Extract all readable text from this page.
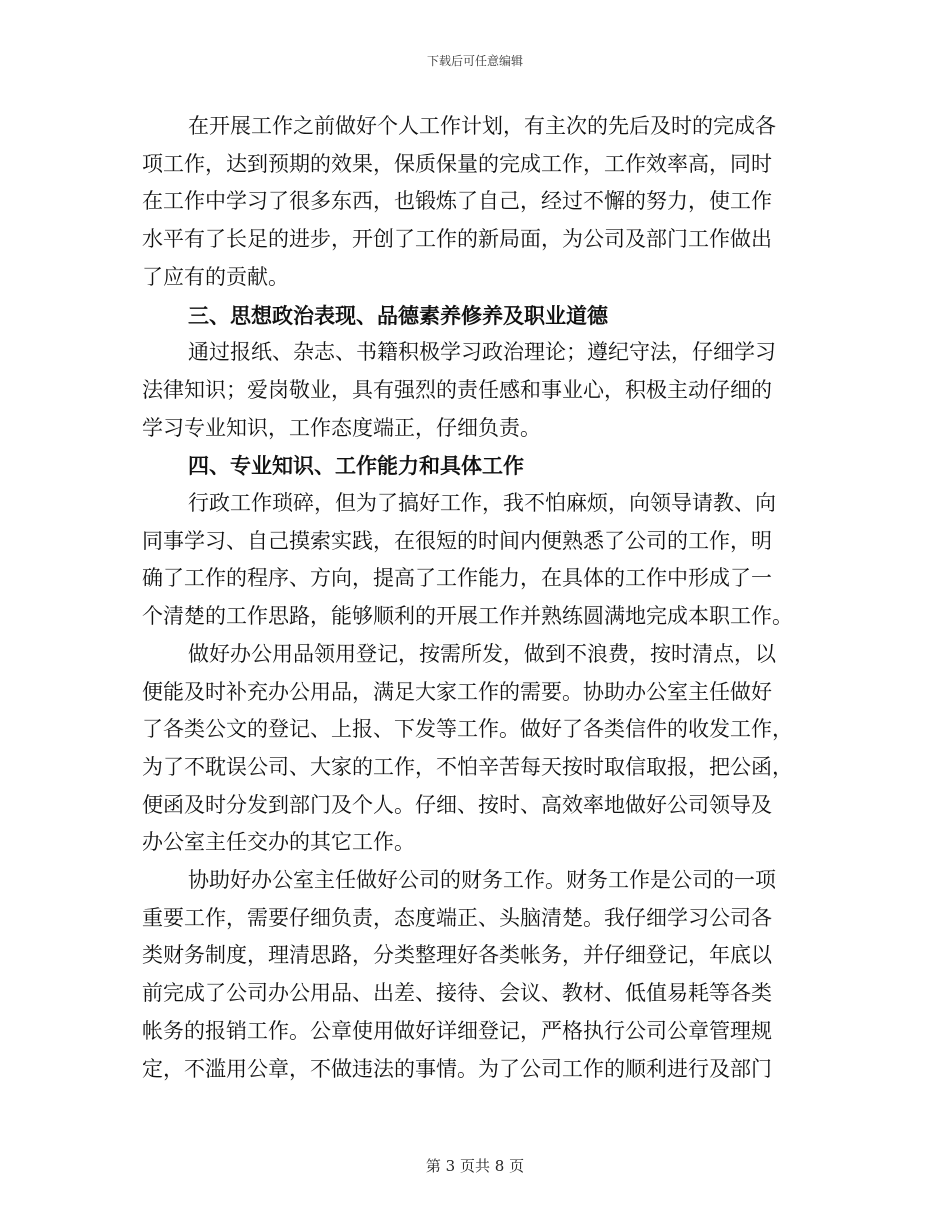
下载后可任意编辑

在开展工作之前做好个人工作计划，有主次的先后及时的完成各
项工作，达到预期的效果，保质保量的完成工作，工作效率高，同时
在工作中学习了很多东西，也锻炼了自己，经过不懈的努力，使工作
水平有了长足的进步，开创了工作的新局面，为公司及部门工作做出
了应有的贡献。

三、思想政治表现、品德素养修养及职业道德

通过报纸、杂志、书籍积极学习政治理论；遵纪守法，仔细学习
法律知识；爱岗敬业，具有强烈的责任感和事业心，积极主动仔细的
学习专业知识，工作态度端正，仔细负责。

四、专业知识、工作能力和具体工作

行政工作琐碎，但为了搞好工作，我不怕麻烦，向领导请教、向
同事学习、自己摸索实践，在很短的时间内便熟悉了公司的工作，明
确了工作的程序、方向，提高了工作能力，在具体的工作中形成了一
个清楚的工作思路，能够顺利的开展工作并熟练圆满地完成本职工作。

做好办公用品领用登记，按需所发，做到不浪费，按时清点，以
便能及时补充办公用品，满足大家工作的需要。协助办公室主任做好
了各类公文的登记、上报、下发等工作。做好了各类信件的收发工作，
为了不耽误公司、大家的工作，不怕辛苦每天按时取信取报，把公函，
便函及时分发到部门及个人。仔细、按时、高效率地做好公司领导及
办公室主任交办的其它工作。

协助好办公室主任做好公司的财务工作。财务工作是公司的一项
重要工作，需要仔细负责，态度端正、头脑清楚。我仔细学习公司各
类财务制度，理清思路，分类整理好各类帐务，并仔细登记，年底以
前完成了公司办公用品、出差、接待、会议、教材、低值易耗等各类
帐务的报销工作。公章使用做好详细登记，严格执行公司公章管理规
定，不滥用公章，不做违法的事情。为了公司工作的顺利进行及部门

第 3 页共 8 页
